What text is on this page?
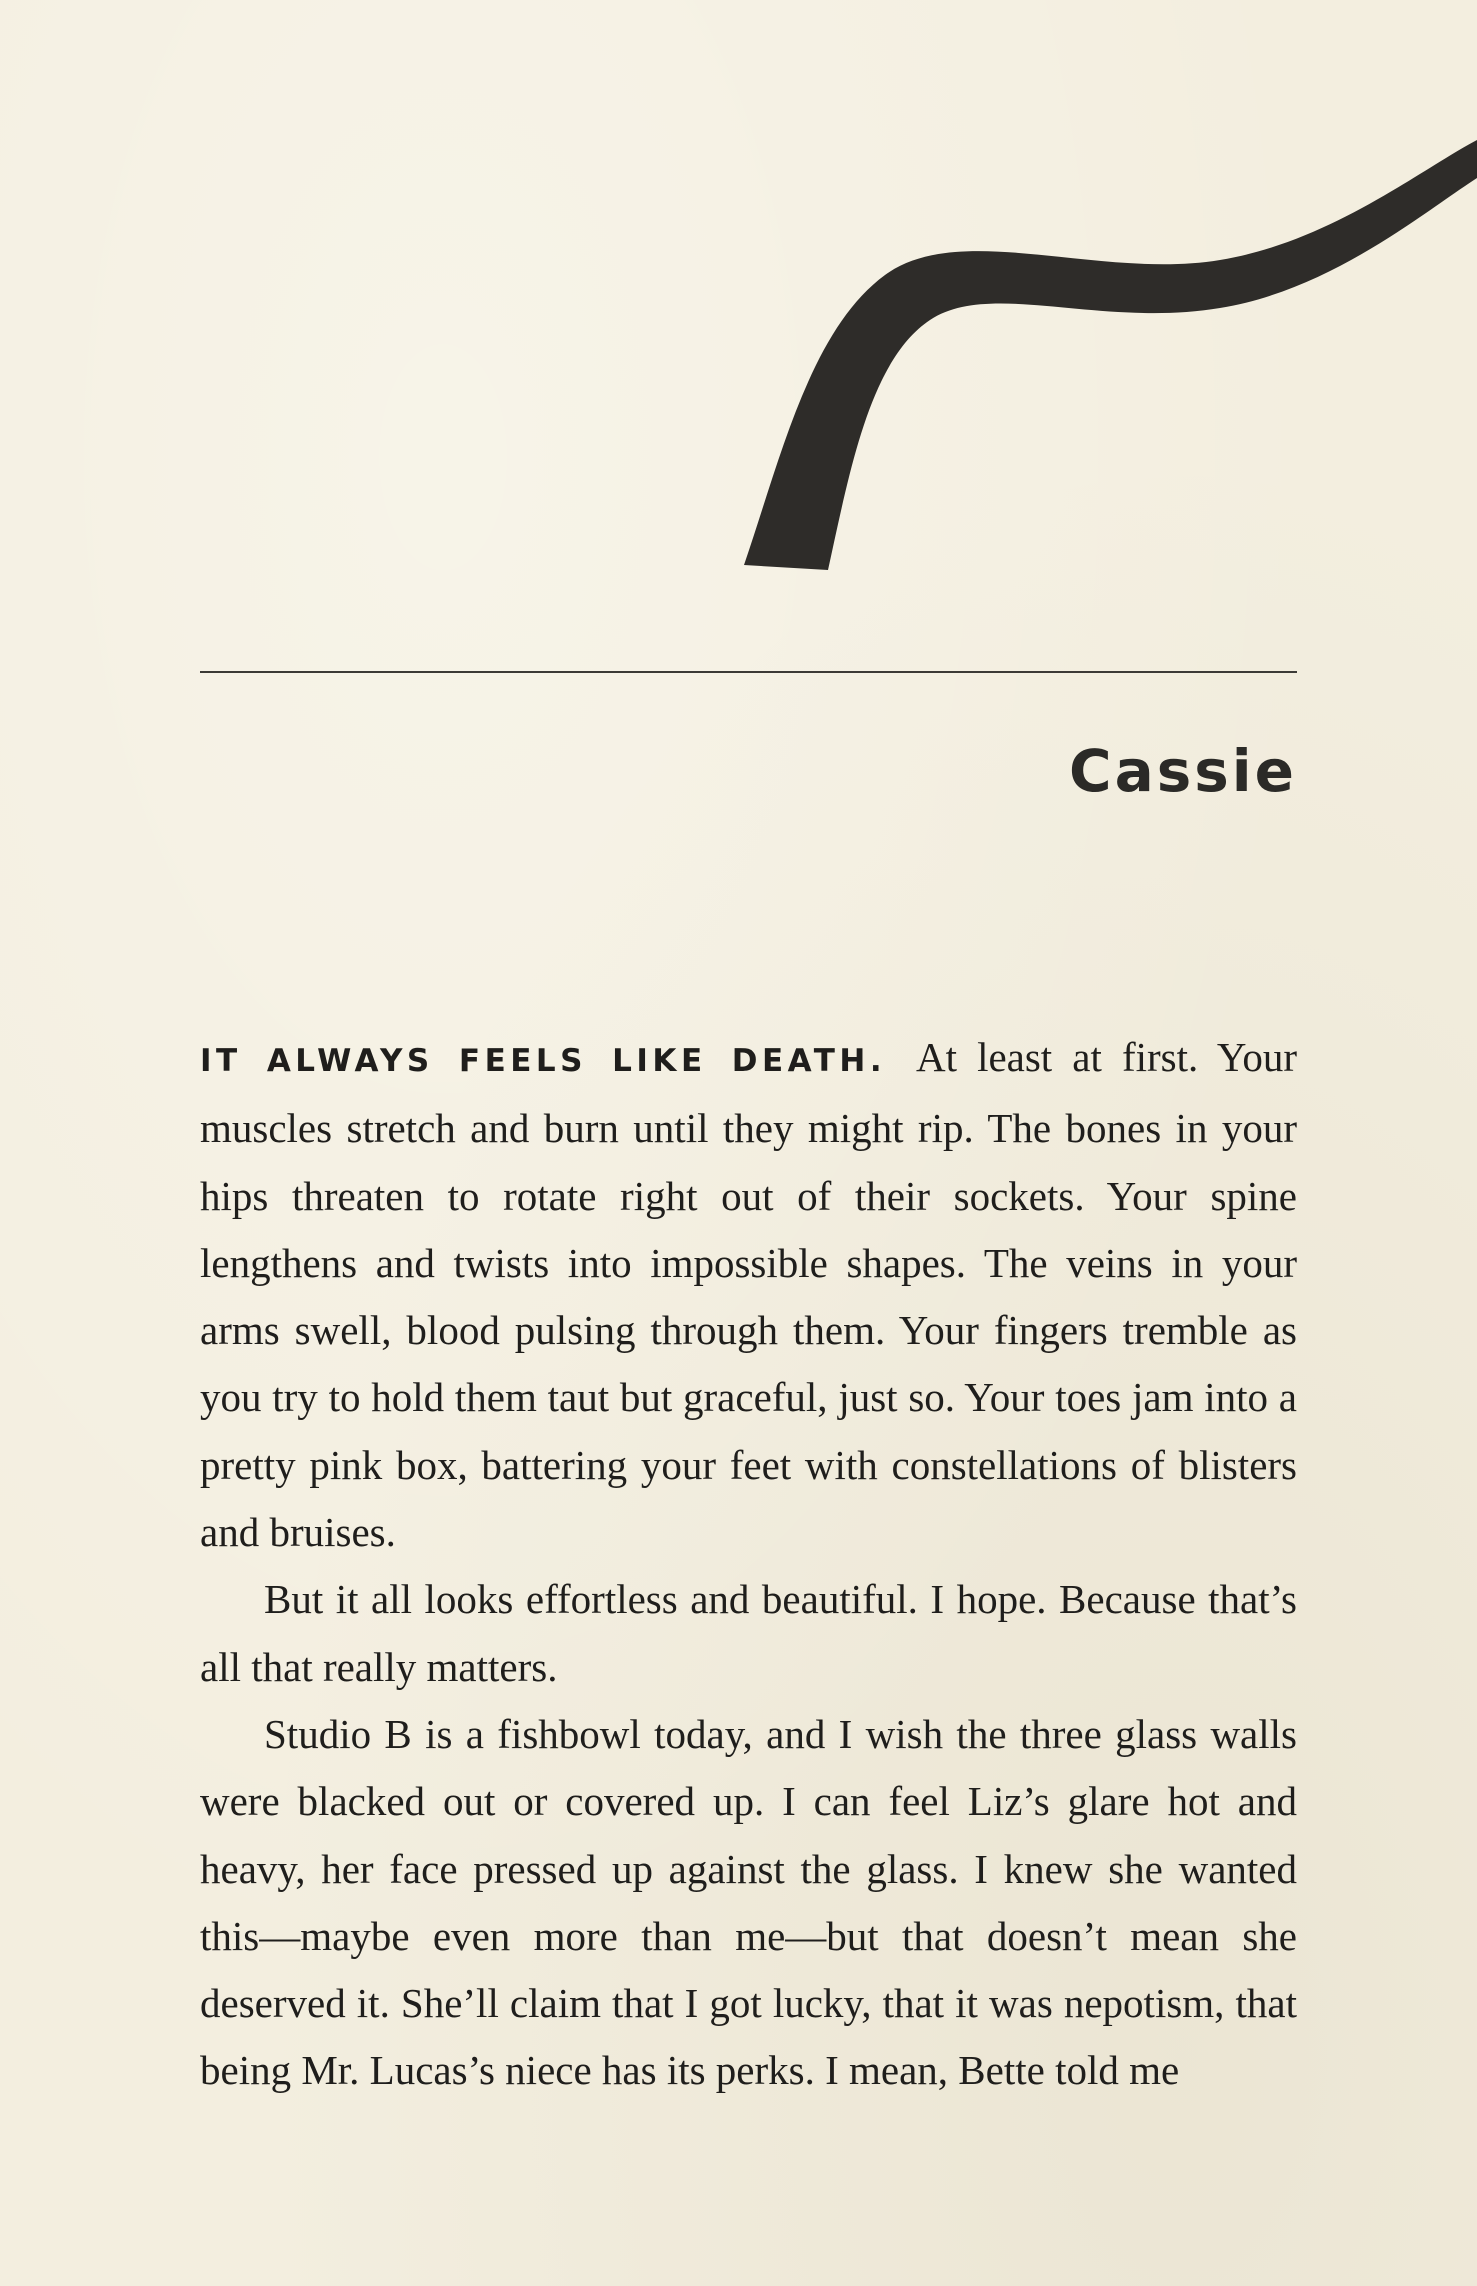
Cassie

IT ALWAYS FEELS LIKE DEATH. At least at first. Your muscles stretch and burn until they might rip. The bones in your hips threaten to rotate right out of their sockets. Your spine lengthens and twists into impossible shapes. The veins in your arms swell, blood pulsing through them. Your fingers tremble as you try to hold them taut but graceful, just so. Your toes jam into a pretty pink box, battering your feet with constellations of blisters and bruises.

But it all looks effortless and beautiful. I hope. Because that’s all that really matters.

Studio B is a fishbowl today, and I wish the three glass walls were blacked out or covered up. I can feel Liz’s glare hot and heavy, her face pressed up against the glass. I knew she wanted this—maybe even more than me—but that doesn’t mean she deserved it. She’ll claim that I got lucky, that it was nepotism, that being Mr. Lucas’s niece has its perks. I mean, Bette told me
